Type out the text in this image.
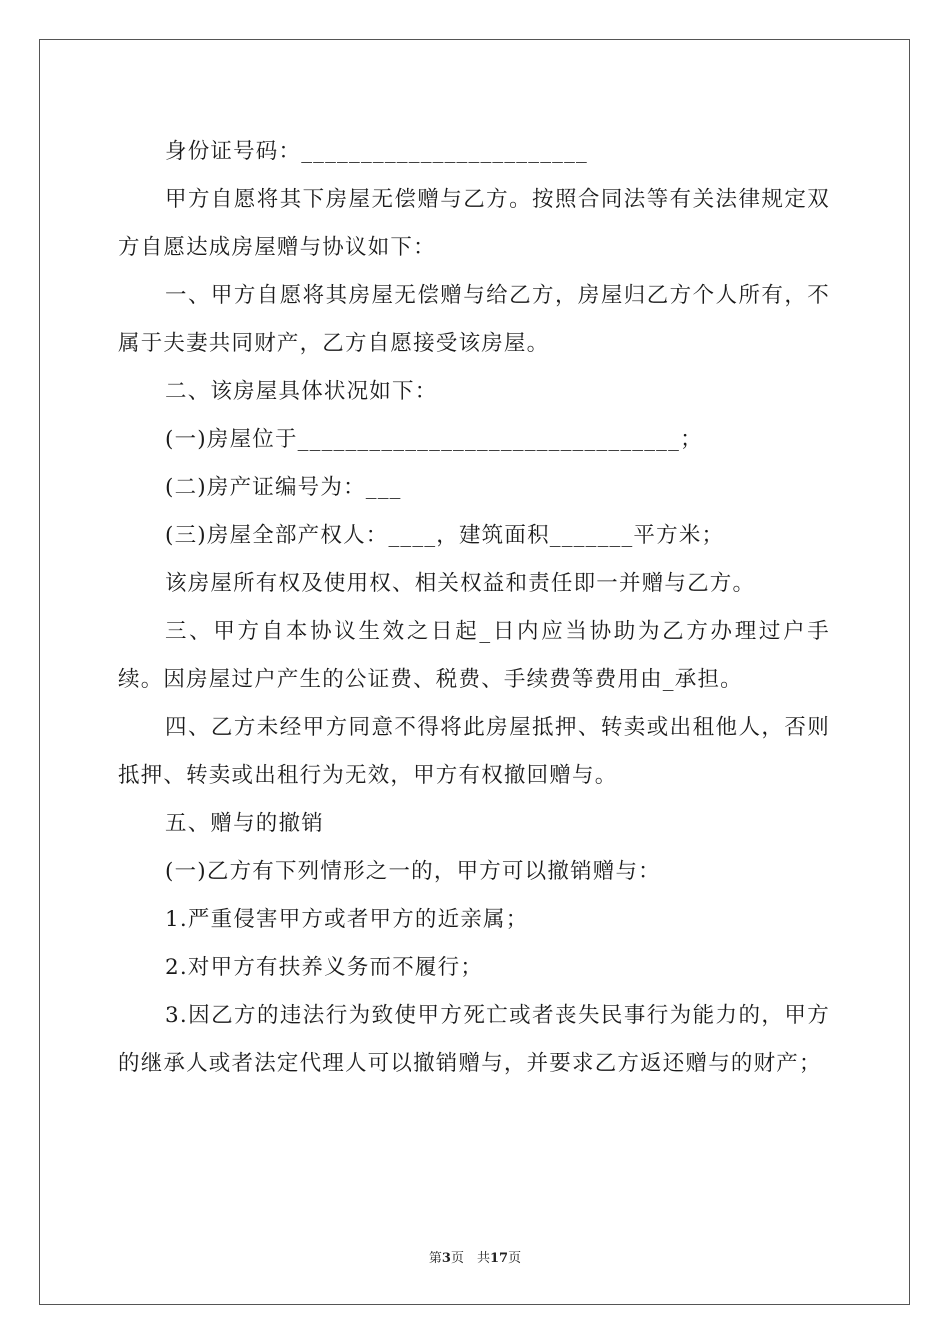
身份证号码：________________________

甲方自愿将其下房屋无偿赠与乙方。按照合同法等有关法律规定双方自愿达成房屋赠与协议如下：

一、甲方自愿将其房屋无偿赠与给乙方，房屋归乙方个人所有，不属于夫妻共同财产，乙方自愿接受该房屋。

二、该房屋具体状况如下：

(一)房屋位于________________________________；

(二)房产证编号为：___

(三)房屋全部产权人：____，建筑面积_______平方米；

该房屋所有权及使用权、相关权益和责任即一并赠与乙方。

三、甲方自本协议生效之日起_日内应当协助为乙方办理过户手续。因房屋过户产生的公证费、税费、手续费等费用由_承担。

四、乙方未经甲方同意不得将此房屋抵押、转卖或出租他人，否则抵押、转卖或出租行为无效，甲方有权撤回赠与。

五、赠与的撤销

(一)乙方有下列情形之一的，甲方可以撤销赠与：

1.严重侵害甲方或者甲方的近亲属；

2.对甲方有扶养义务而不履行；

3.因乙方的违法行为致使甲方死亡或者丧失民事行为能力的，甲方的继承人或者法定代理人可以撤销赠与，并要求乙方返还赠与的财产；

第3页　共17页
